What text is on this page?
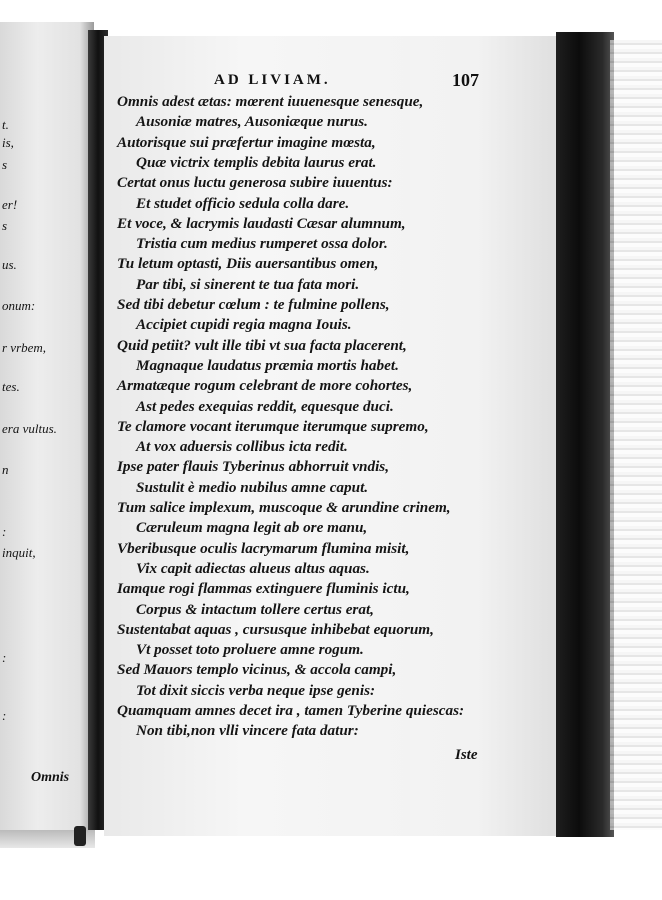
t.
is,
s
er!
s
us.
onum:
r vrbem,
tes.
era vultus.
n
:
inquit,
:
:
Omnis
AD LIVIAM.	107
Omnis adest ætas: mœrent iuuenesque senesque,
Ausoniæ matres, Ausoniæque nurus.
Autorisque sui præfertur imagine mœsta,
Quæ victrix templis debita laurus erat.
Certat onus luctu generosa subire iuuentus:
Et studet officio sedula colla dare.
Et voce, & lacrymis laudasti Cæsar alumnum,
Tristia cum medius rumperet ossa dolor.
Tu letum optasti, Diis auersantibus omen,
Par tibi, si sinerent te tua fata mori.
Sed tibi debetur cœlum : te fulmine pollens,
Accipiet cupidi regia magna Iouis.
Quid petiit? vult ille tibi vt sua facta placerent,
Magnaque laudatus præmia mortis habet.
Armatæque rogum celebrant de more cohortes,
Ast pedes exequias reddit, equesque duci.
Te clamore vocant iterumque iterumque supremo,
At vox aduersis collibus icta redit.
Ipse pater flauis Tyberinus abhorruit vndis,
Sustulit è medio nubilus amne caput.
Tum salice implexum, muscoque & arundine crinem,
Cæruleum magna legit ab ore manu,
Vberibusque oculis lacrymarum flumina misit,
Vix capit adiectas alueus altus aquas.
Iamque rogi flammas extinguere fluminis ictu,
Corpus & intactum tollere certus erat,
Sustentabat aquas , cursusque inhibebat equorum,
Vt posset toto proluere amne rogum.
Sed Mauors templo vicinus, & accola campi,
Tot dixit siccis verba neque ipse genis:
Quamquam amnes decet ira , tamen Tyberine quiescas:
Non tibi,non vlli vincere fata datur:
Iste
